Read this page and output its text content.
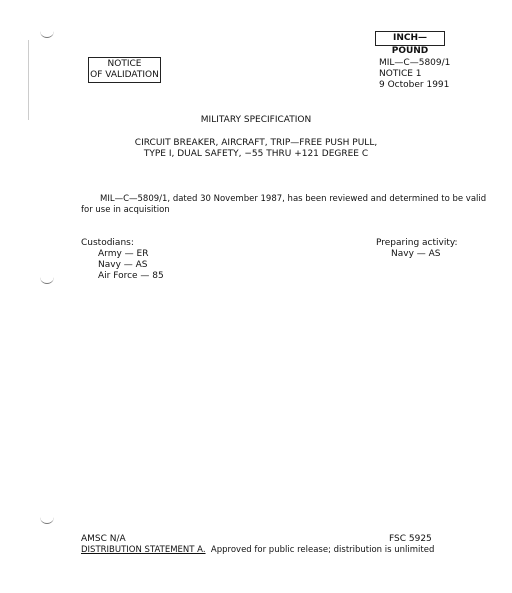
INCH—POUND
NOTICE
OF VALIDATION
MIL—C—5809/1
NOTICE 1
9 October 1991
MILITARY SPECIFICATION
CIRCUIT BREAKER, AIRCRAFT, TRIP—FREE PUSH PULL,
TYPE I, DUAL SAFETY, −55 THRU +121 DEGREE C
MIL—C—5809/1, dated 30 November 1987, has been reviewed and determined to be valid
for use in acquisition
Custodians:
Army — ER
Navy — AS
Air Force — 85
Preparing activity:
Navy — AS
AMSC N/A	FSC 5925
DISTRIBUTION STATEMENT A.  Approved for public release; distribution is unlimited
